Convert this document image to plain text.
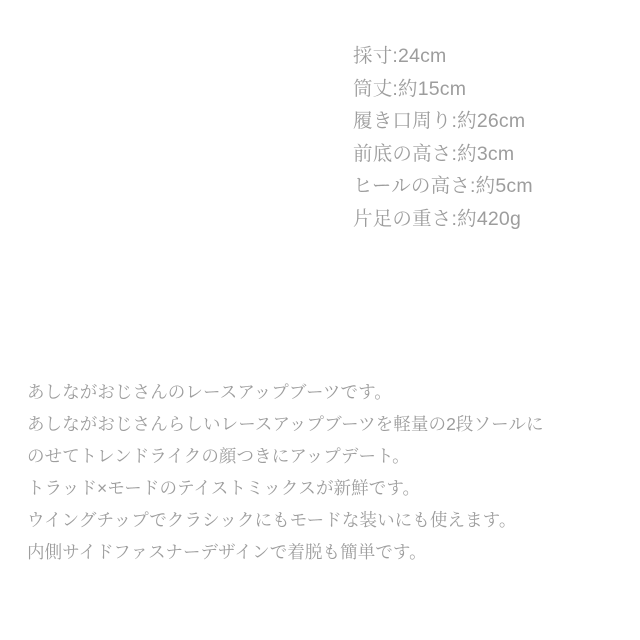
採寸:24cm
筒丈:約15cm
履き口周り:約26cm
前底の高さ:約3cm
ヒールの高さ:約5cm
片足の重さ:約420g
あしながおじさんのレースアップブーツです。
あしながおじさんらしいレースアップブーツを軽量の2段ソールに
のせてトレンドライクの顔つきにアップデート。
トラッド×モードのテイストミックスが新鮮です。
ウイングチップでクラシックにもモードな装いにも使えます。
内側サイドファスナーデザインで着脱も簡単です。
